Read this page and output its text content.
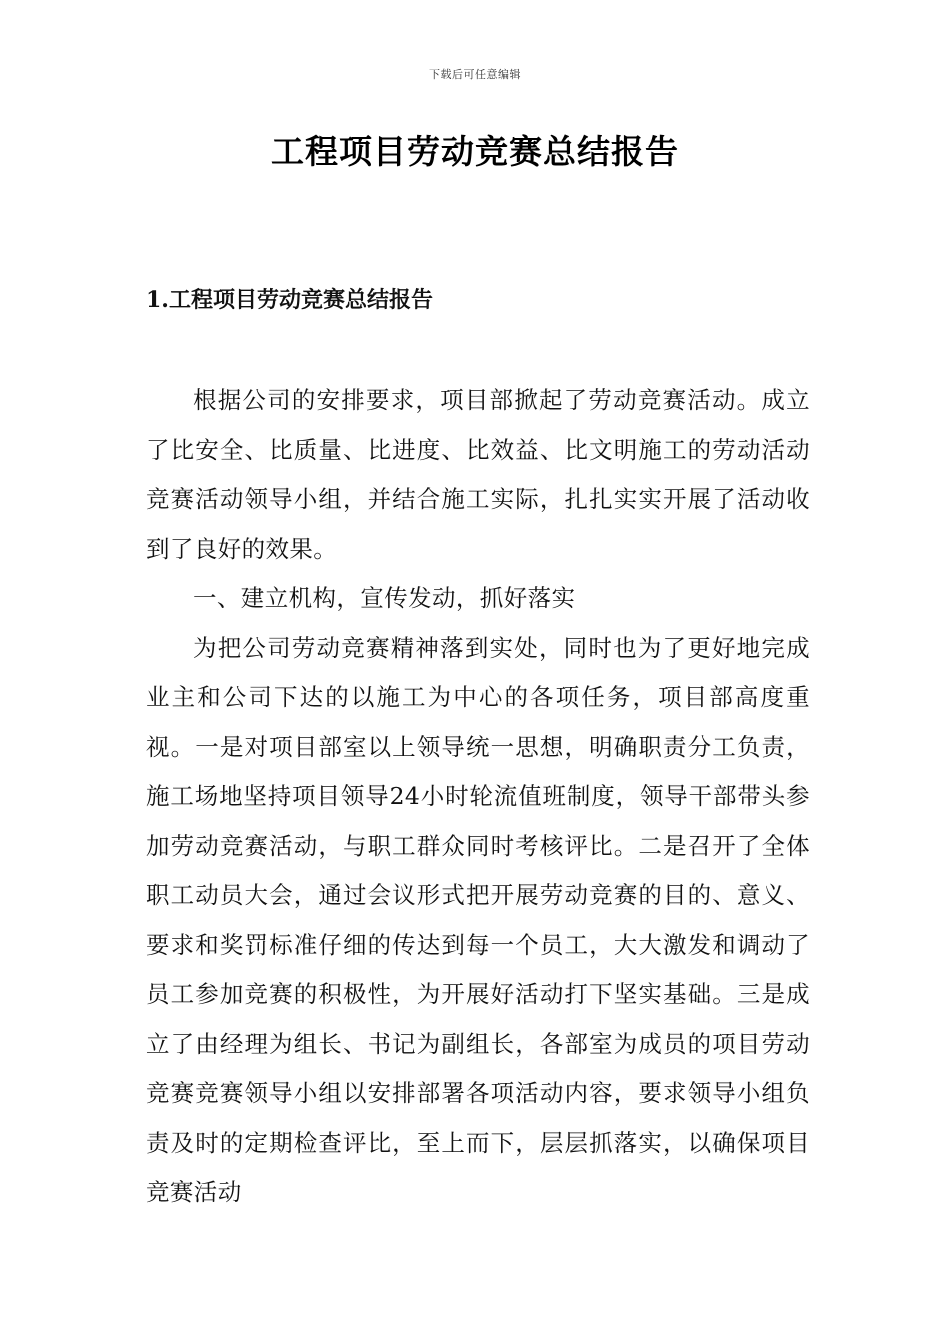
下载后可任意编辑
工程项目劳动竞赛总结报告
1.工程项目劳动竞赛总结报告

根据公司的安排要求，项目部掀起了劳动竞赛活动。成立了比安全、比质量、比进度、比效益、比文明施工的劳动活动竞赛活动领导小组，并结合施工实际，扎扎实实开展了活动收到了良好的效果。

一、建立机构，宣传发动，抓好落实

为把公司劳动竞赛精神落到实处，同时也为了更好地完成业主和公司下达的以施工为中心的各项任务，项目部高度重视。一是对项目部室以上领导统一思想，明确职责分工负责，施工场地坚持项目领导24小时轮流值班制度，领导干部带头参加劳动竞赛活动，与职工群众同时考核评比。二是召开了全体职工动员大会，通过会议形式把开展劳动竞赛的目的、意义、要求和奖罚标准仔细的传达到每一个员工，大大激发和调动了员工参加竞赛的积极性，为开展好活动打下坚实基础。三是成立了由经理为组长、书记为副组长，各部室为成员的项目劳动竞赛竞赛领导小组以安排部署各项活动内容，要求领导小组负责及时的定期检查评比，至上而下，层层抓落实，以确保项目竞赛活动
